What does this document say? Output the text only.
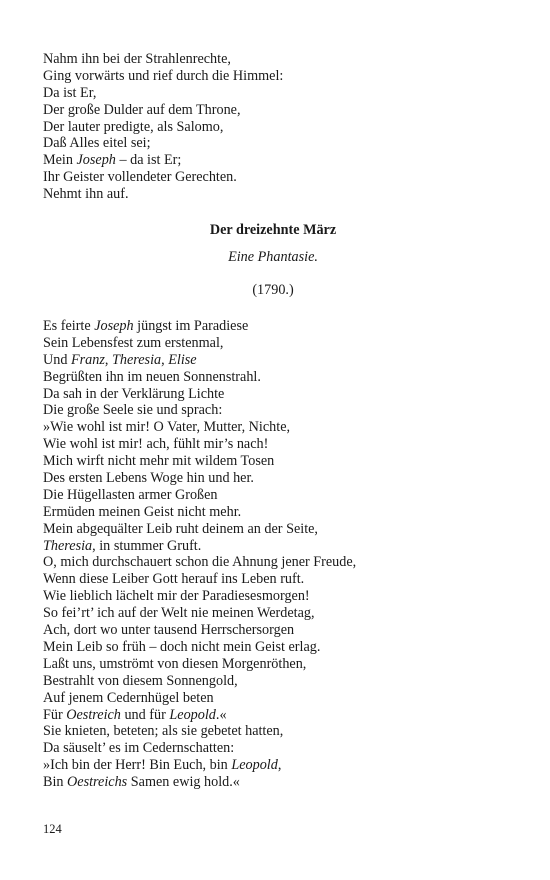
Nahm ihn bei der Strahlenrechte,
Ging vorwärts und rief durch die Himmel:
Da ist Er,
Der große Dulder auf dem Throne,
Der lauter predigte, als Salomo,
Daß Alles eitel sei;
Mein Joseph – da ist Er;
Ihr Geister vollendeter Gerechten.
Nehmt ihn auf.
Der dreizehnte März
Eine Phantasie.
(1790.)
Es feirte Joseph jüngst im Paradiese
Sein Lebensfest zum erstenmal,
Und Franz, Theresia, Elise
Begrüßten ihn im neuen Sonnenstrahl.
Da sah in der Verklärung Lichte
Die große Seele sie und sprach:
»Wie wohl ist mir! O Vater, Mutter, Nichte,
Wie wohl ist mir! ach, fühlt mir’s nach!
Mich wirft nicht mehr mit wildem Tosen
Des ersten Lebens Woge hin und her.
Die Hügellasten armer Großen
Ermüden meinen Geist nicht mehr.
Mein abgequälter Leib ruht deinem an der Seite,
Theresia, in stummer Gruft.
O, mich durchschauert schon die Ahnung jener Freude,
Wenn diese Leiber Gott herauf ins Leben ruft.
Wie lieblich lächelt mir der Paradiesesmorgen!
So fei’rt’ ich auf der Welt nie meinen Werdetag,
Ach, dort wo unter tausend Herrschersorgen
Mein Leib so früh – doch nicht mein Geist erlag.
Laßt uns, umströmt von diesen Morgenröthen,
Bestrahlt von diesem Sonnengold,
Auf jenem Cedernhügel beten
Für Oestreich und für Leopold.«
Sie knieten, beteten; als sie gebetet hatten,
Da säuselt’ es im Cedernschatten:
»Ich bin der Herr! Bin Euch, bin Leopold,
Bin Oestreichs Samen ewig hold.«
124
